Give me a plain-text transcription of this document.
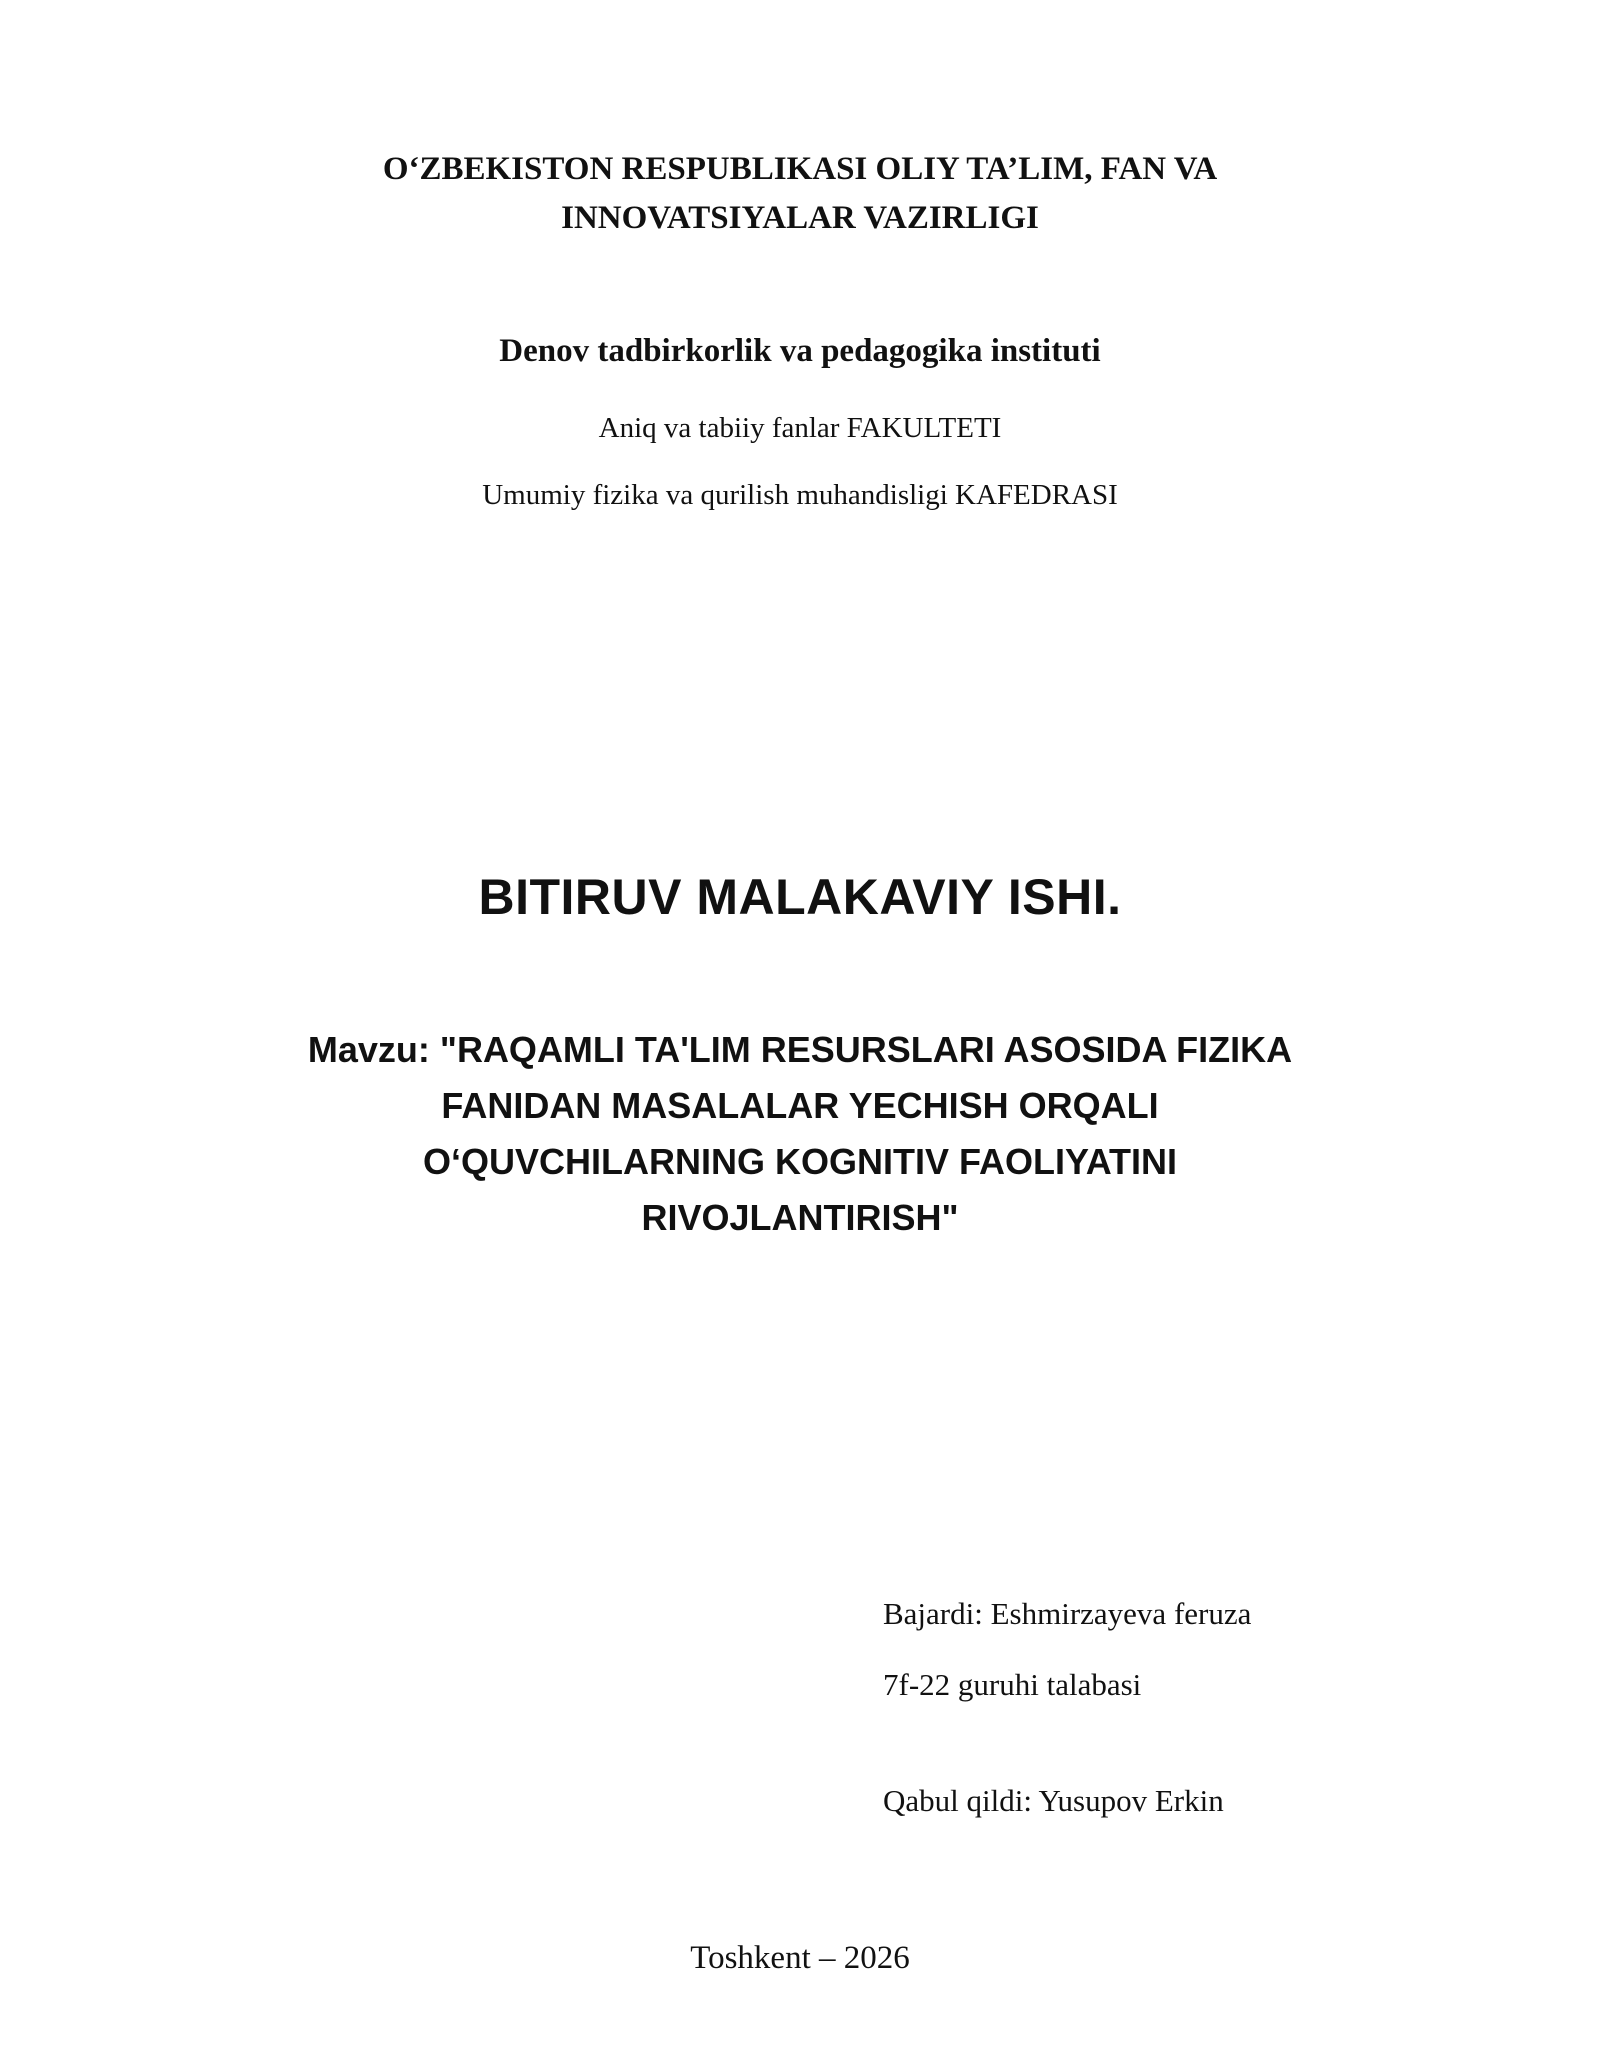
O‘ZBEKISTON RESPUBLIKASI OLIY TA’LIM, FAN VA
INNOVATSIYALAR VAZIRLIGI
Denov tadbirkorlik va pedagogika instituti
Aniq va tabiiy fanlar FAKULTETI
Umumiy fizika va qurilish muhandisligi KAFEDRASI
BITIRUV MALAKAVIY ISHI.
Mavzu: "RAQAMLI TA'LIM RESURSLARI ASOSIDA FIZIKA
FANIDAN MASALALAR YECHISH ORQALI
O‘QUVCHILARNING KOGNITIV FAOLIYATINI
RIVOJLANTIRISH"
Bajardi: Eshmirzayeva feruza
7f-22 guruhi talabasi
Qabul qildi: Yusupov Erkin
Toshkent – 2026
